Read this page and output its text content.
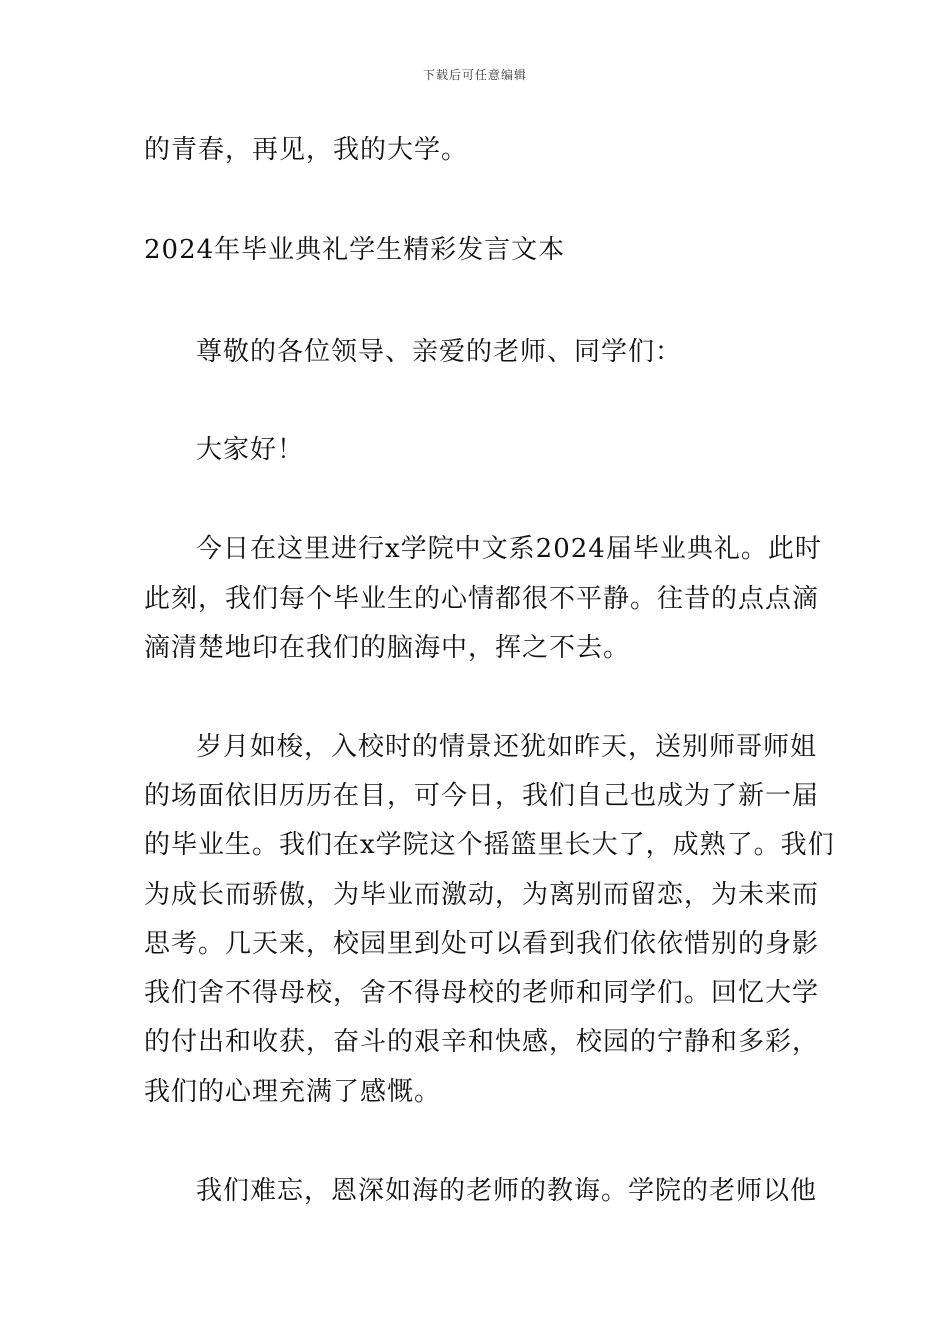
下载后可任意编辑
的青春，再见，我的大学。
2024年毕业典礼学生精彩发言文本
尊敬的各位领导、亲爱的老师、同学们：
大家好！
今日在这里进行x学院中文系2024届毕业典礼。此时
此刻，我们每个毕业生的心情都很不平静。往昔的点点滴
滴清楚地印在我们的脑海中，挥之不去。
岁月如梭，入校时的情景还犹如昨天，送别师哥师姐
的场面依旧历历在目，可今日，我们自己也成为了新一届
的毕业生。我们在x学院这个摇篮里长大了，成熟了。我们
为成长而骄傲，为毕业而激动，为离别而留恋，为未来而
思考。几天来，校园里到处可以看到我们依依惜别的身影
我们舍不得母校，舍不得母校的老师和同学们。回忆大学
的付出和收获，奋斗的艰辛和快感，校园的宁静和多彩，
我们的心理充满了感慨。
我们难忘，恩深如海的老师的教诲。学院的老师以他
